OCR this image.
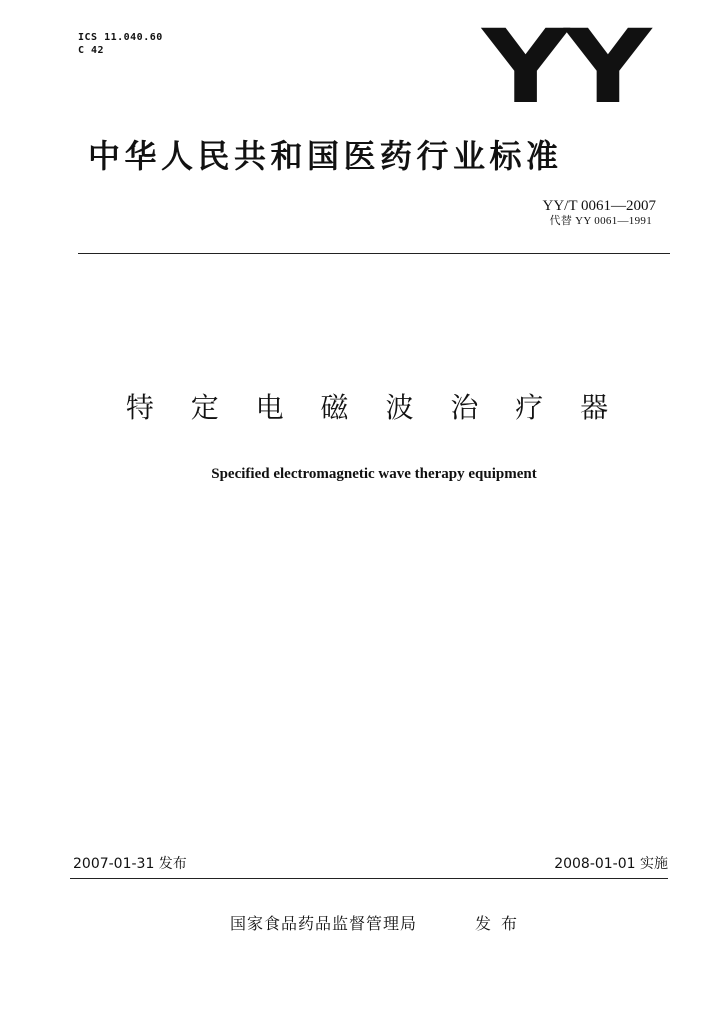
ICS 11.040.60
C 42	YY
中华人民共和国医药行业标准
YY/T 0061—2007
代替 YY 0061—1991
特 定 电 磁 波 治 疗 器
Specified electromagnetic wave therapy equipment
2007-01-31 发布	2008-01-01 实施
国家食品药品监督管理局	发布
